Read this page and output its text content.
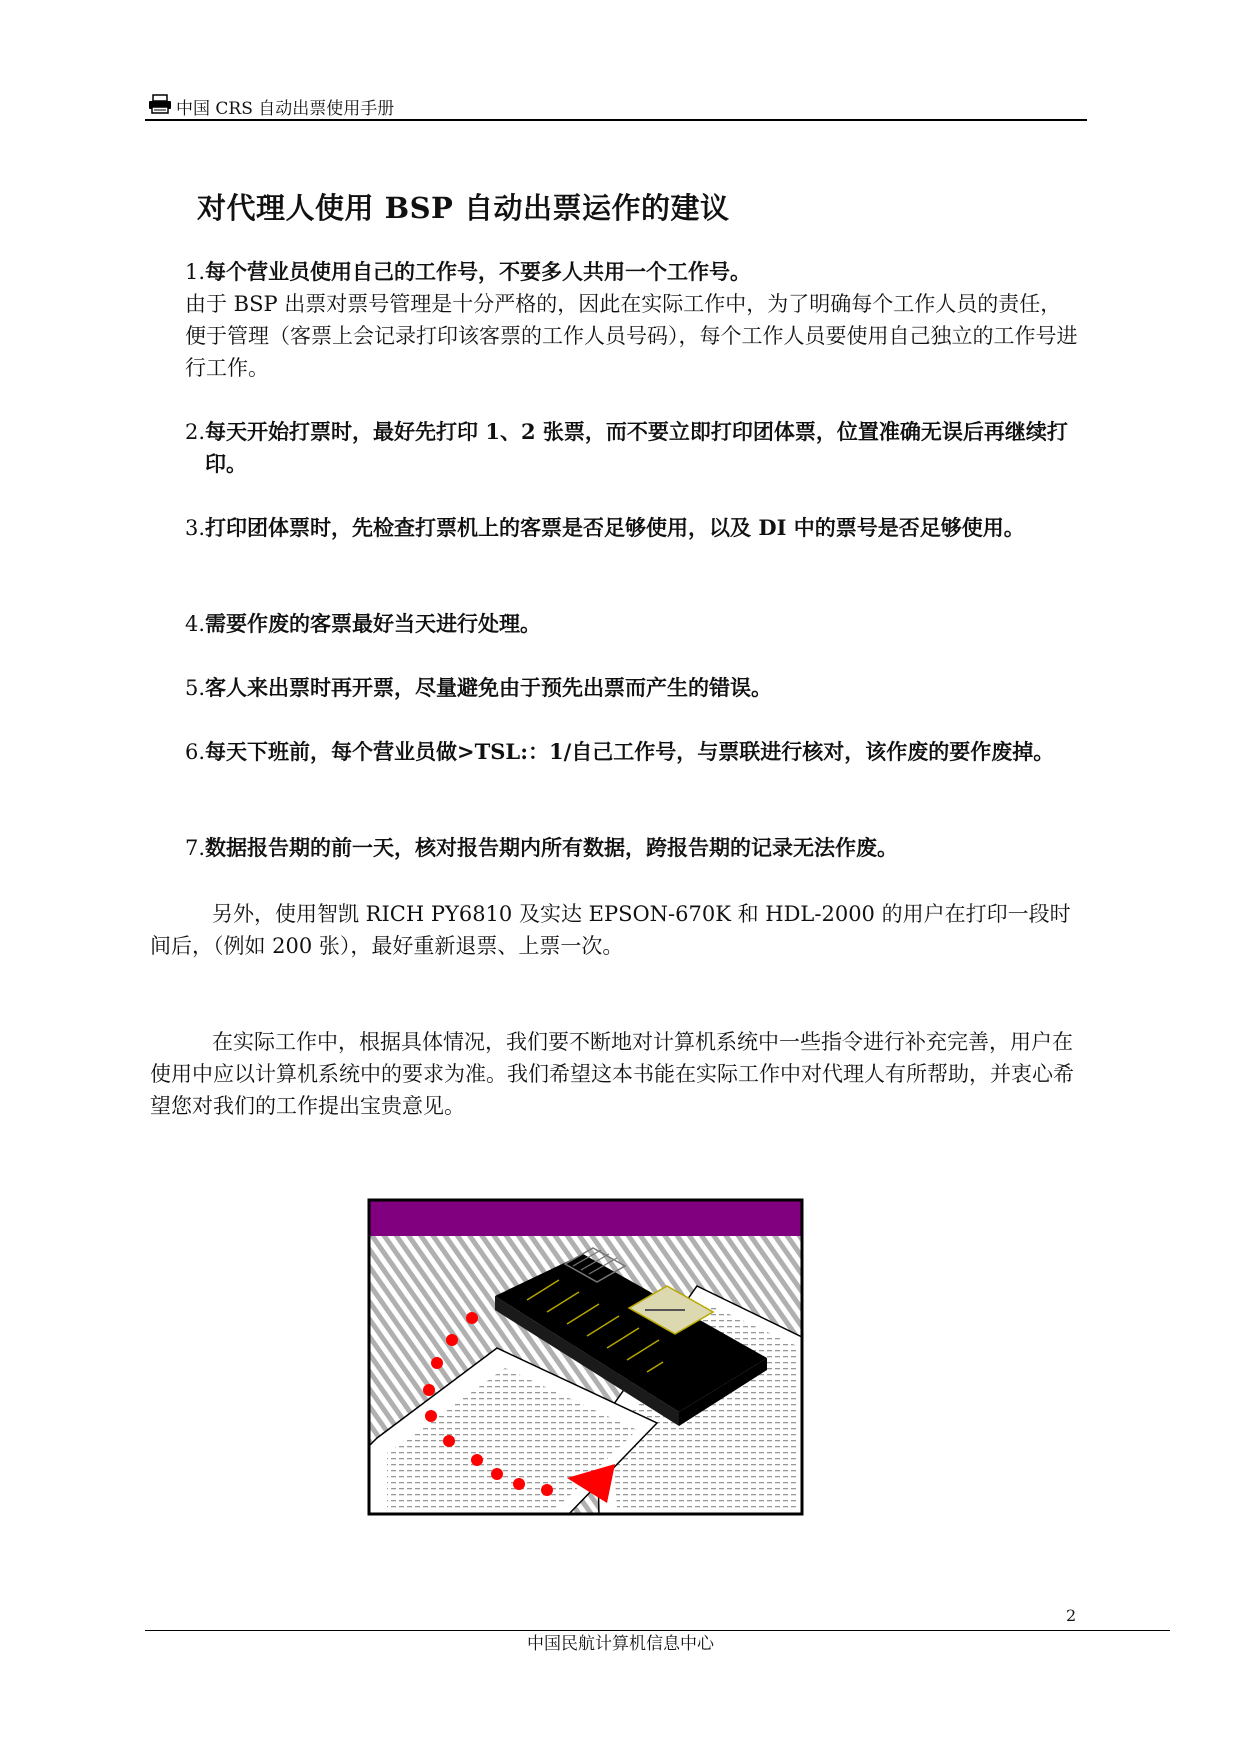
中国 CRS 自动出票使用手册
对代理人使用 BSP 自动出票运作的建议
1.每个营业员使用自己的工作号，不要多人共用一个工作号。
由于 BSP 出票对票号管理是十分严格的，因此在实际工作中，为了明确每个工作人员的责任，便于管理（客票上会记录打印该客票的工作人员号码），每个工作人员要使用自己独立的工作号进行工作。
2.每天开始打票时，最好先打印 1、2 张票，而不要立即打印团体票，位置准确无误后再继续打印。
3.打印团体票时，先检查打票机上的客票是否足够使用，以及 DI 中的票号是否足够使用。
4.需要作废的客票最好当天进行处理。
5.客人来出票时再开票，尽量避免由于预先出票而产生的错误。
6.每天下班前，每个营业员做>TSL:：1/自己工作号，与票联进行核对，该作废的要作废掉。
7.数据报告期的前一天，核对报告期内所有数据，跨报告期的记录无法作废。
另外，使用智凯 RICH PY6810 及实达 EPSON-670K 和 HDL-2000 的用户在打印一段时间后，（例如 200 张），最好重新退票、上票一次。
在实际工作中，根据具体情况，我们要不断地对计算机系统中一些指令进行补充完善，用户在使用中应以计算机系统中的要求为准。我们希望这本书能在实际工作中对代理人有所帮助，并衷心希望您对我们的工作提出宝贵意见。
2
中国民航计算机信息中心
